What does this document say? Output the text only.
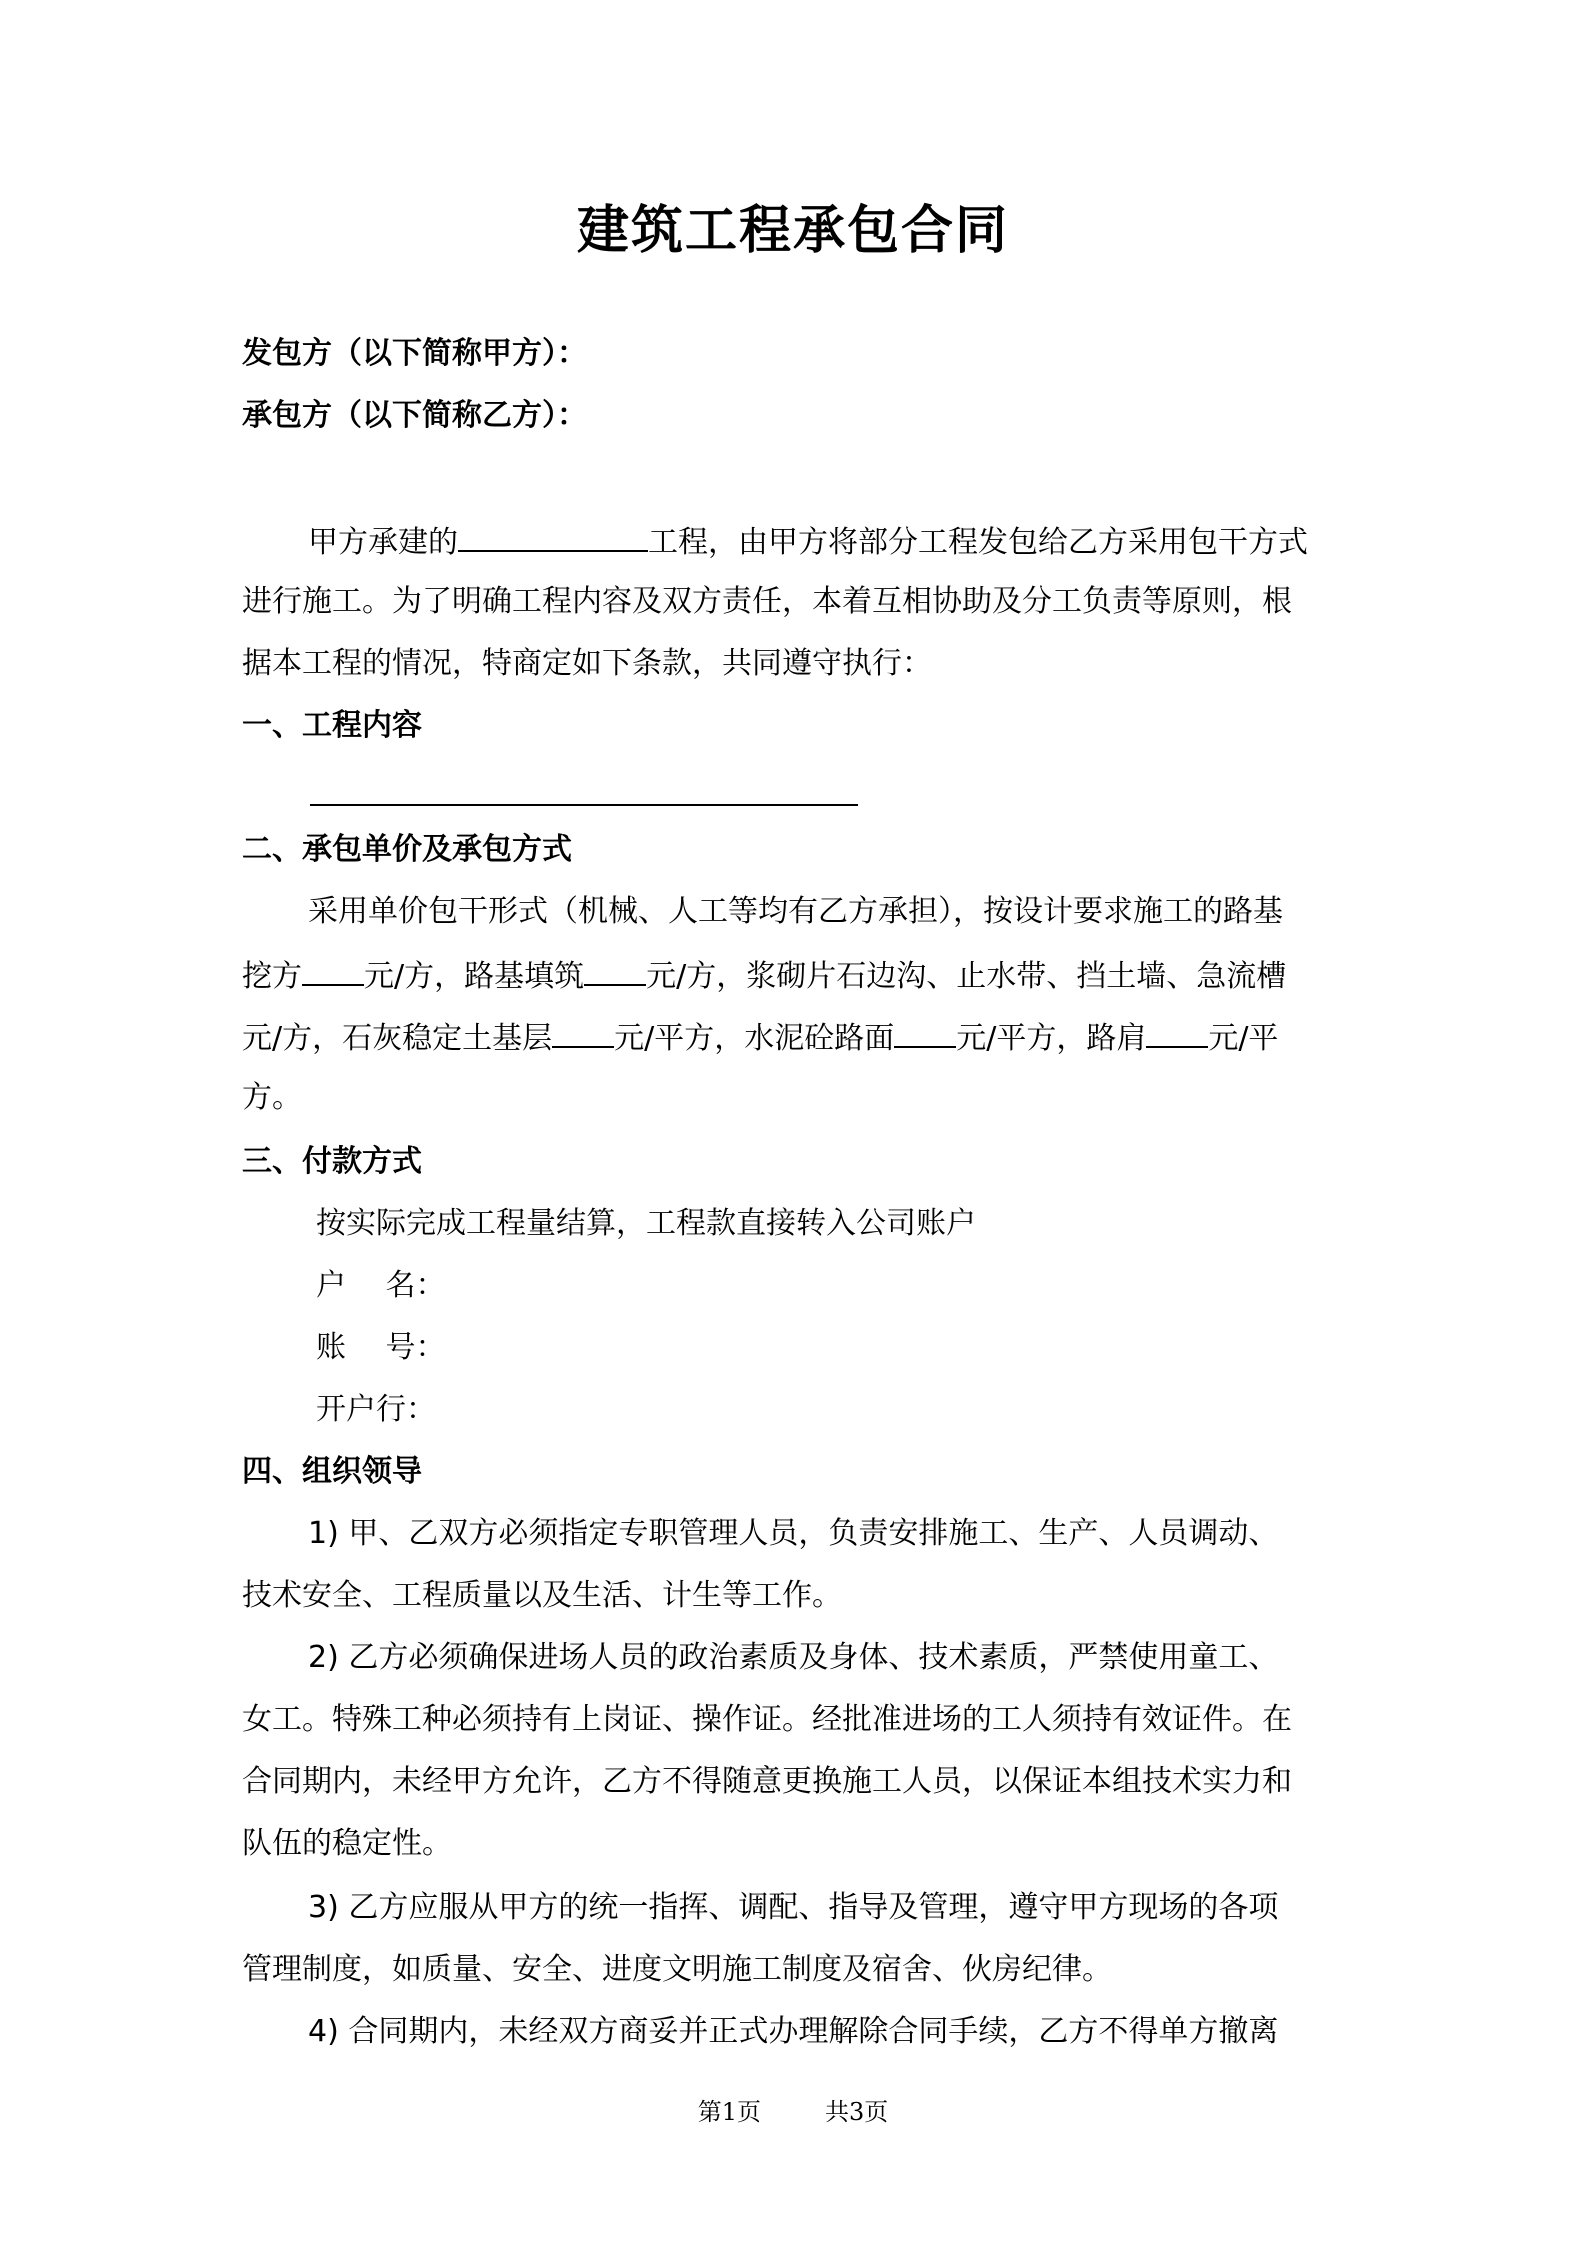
建筑工程承包合同
发包方（以下简称甲方）：
承包方（以下简称乙方）：
甲方承建的	工程，由甲方将部分工程发包给乙方采用包干方式
进行施工。为了明确工程内容及双方责任，本着互相协助及分工负责等原则，根
据本工程的情况，特商定如下条款，共同遵守执行：
一、工程内容
二、承包单价及承包方式
采用单价包干形式（机械、人工等均有乙方承担），按设计要求施工的路基
挖方 元/方，路基填筑 元/方，浆砌片石边沟、止水带、挡土墙、急流槽
元/方，石灰稳定土基层 元/平方，水泥砼路面 元/平方，路肩 元/平
方。
三、付款方式
按实际完成工程量结算，工程款直接转入公司账户
户　 名：
账　 号：
开户行：
四、组织领导
1) 甲、乙双方必须指定专职管理人员，负责安排施工、生产、人员调动、
技术安全、工程质量以及生活、计生等工作。
2) 乙方必须确保进场人员的政治素质及身体、技术素质，严禁使用童工、
女工。特殊工种必须持有上岗证、操作证。经批准进场的工人须持有效证件。在
合同期内，未经甲方允许，乙方不得随意更换施工人员，以保证本组技术实力和
队伍的稳定性。
3) 乙方应服从甲方的统一指挥、调配、指导及管理，遵守甲方现场的各项
管理制度，如质量、安全、进度文明施工制度及宿舍、伙房纪律。
4) 合同期内，未经双方商妥并正式办理解除合同手续，乙方不得单方撤离
第1页	共3页
